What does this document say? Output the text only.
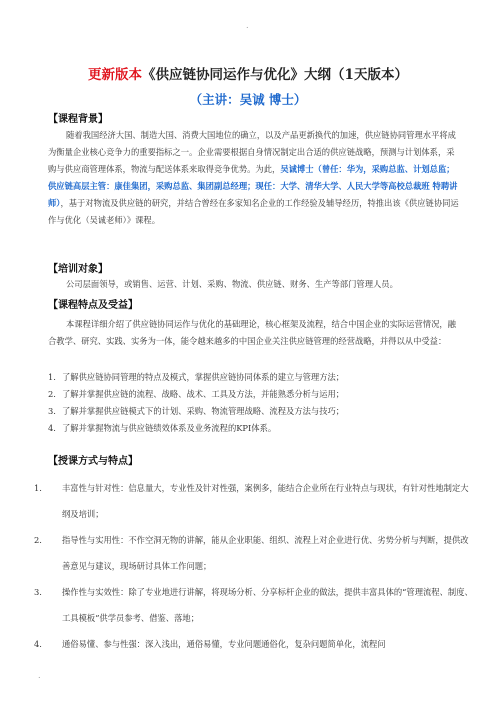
.
更新版本《供应链协同运作与优化》大纲（1天版本）
（主讲：吴诚 博士）
【课程背景】
随着我国经济大国、制造大国、消费大国地位的确立，以及产品更新换代的加速，供应链协同管理水平将成为衡量企业核心竞争力的重要指标之一。企业需要根据自身情况制定出合适的供应链战略，预测与计划体系，采购与供应商管理体系，物流与配送体系来取得竞争优势。为此，吴诚博士（曾任：华为，采购总监、计划总监；供应链高层主管：康佳集团，采购总监、集团副总经理；现任：大学、清华大学、人民大学等高校总裁班 特聘讲师），基于对物流及供应链的研究，并结合曾经在多家知名企业的工作经验及辅导经历，特推出该《供应链协同运作与优化（吴诚老师）》课程。
【培训对象】
公司层面领导，或销售、运营、计划、采购、物流、供应链、财务、生产等部门管理人员。
【课程特点及受益】
本课程详细介绍了供应链协同运作与优化的基础理论，核心框架及流程，结合中国企业的实际运营情况，融合教学、研究、实践、实务为一体，能令越来越多的中国企业关注供应链管理的经营战略，并得以从中受益：
1. 了解供应链协同管理的特点及模式，掌握供应链协同体系的建立与管理方法；
2. 了解并掌握供应链的流程、战略、战术、工具及方法，并能熟悉分析与运用；
3. 了解并掌握供应链模式下的计划、采购、物流管理战略、流程及方法与技巧；
4. 了解并掌握物流与供应链绩效体系及业务流程的KPI体系。
【授课方式与特点】
1. 丰富性与针对性：信息量大，专业性及针对性强，案例多，能结合企业所在行业特点与现状，有针对性地制定大纲及培训；
2. 指导性与实用性：不作空洞无物的讲解，能从企业职能、组织、流程上对企业进行优、劣势分析与判断，提供改善意见与建议，现场研讨具体工作问题；
3. 操作性与实效性：除了专业地进行讲解，将现场分析、分享标杆企业的做法，提供丰富具体的“管理流程、制度、工具模板”供学员参考、借鉴、落地；
4. 通俗易懂、参与性强：深入浅出，通俗易懂，专业问题通俗化，复杂问题简单化，流程问
.
